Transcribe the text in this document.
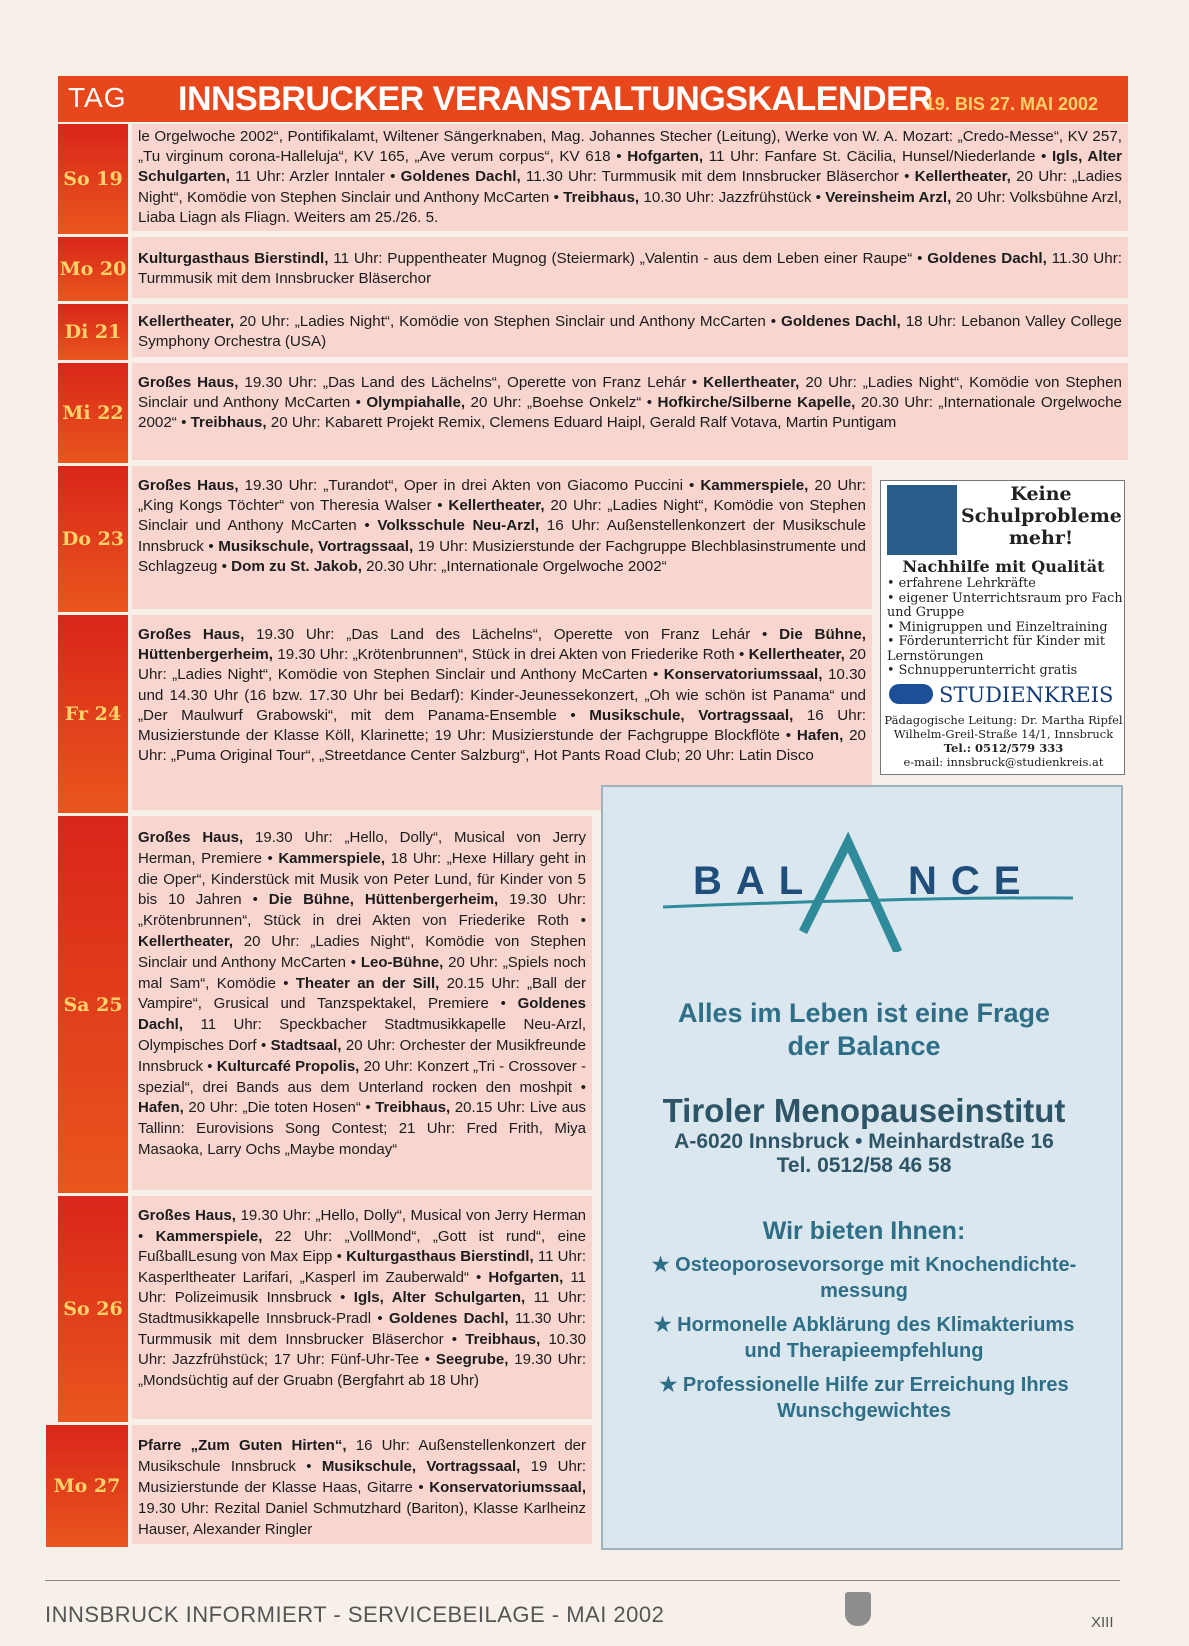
TAG INNSBRUCKER VERANSTALTUNGSKALENDER
19. BIS 27. MAI 2002
So 19
Mo 20
Di 21
Mi 22
Do 23
Fr 24
Sa 25
So 26
Mo 27
le Orgelwoche 2002“, Pontifikalamt, Wiltener Sängerknaben, Mag. Johannes Stecher (Leitung), Werke von W. A. Mozart: „Credo-Messe“, KV 257, „Tu virginum corona-Halleluja“, KV 165, „Ave verum corpus“, KV 618 • Hofgarten, 11 Uhr: Fanfare St. Cäcilia, Hunsel/Niederlande • Igls, Alter Schulgarten, 11 Uhr: Arzler Inntaler • Goldenes Dachl, 11.30 Uhr: Turmmusik mit dem Innsbrucker Bläserchor • Kellertheater, 20 Uhr: „Ladies Night“, Komödie von Stephen Sinclair und Anthony McCarten • Treibhaus, 10.30 Uhr: Jazzfrühstück • Vereinsheim Arzl, 20 Uhr: Volksbühne Arzl, Liaba Liagn als Fliagn. Weiters am 25./26. 5.
Kulturgasthaus Bierstindl, 11 Uhr: Puppentheater Mugnog (Steiermark) „Valentin - aus dem Leben einer Raupe“ • Goldenes Dachl, 11.30 Uhr: Turmmusik mit dem Innsbrucker Bläserchor
Kellertheater, 20 Uhr: „Ladies Night“, Komödie von Stephen Sinclair und Anthony McCarten • Goldenes Dachl, 18 Uhr: Lebanon Valley College Symphony Orchestra (USA)
Großes Haus, 19.30 Uhr: „Das Land des Lächelns“, Operette von Franz Lehár • Kellertheater, 20 Uhr: „Ladies Night“, Komödie von Stephen Sinclair und Anthony McCarten • Olympiahalle, 20 Uhr: „Boehse Onkelz“ • Hofkirche/Silberne Kapelle, 20.30 Uhr: „Internationale Orgelwoche 2002“ • Treibhaus, 20 Uhr: Kabarett Projekt Remix, Clemens Eduard Haipl, Gerald Ralf Votava, Martin Puntigam
Großes Haus, 19.30 Uhr: „Turandot“, Oper in drei Akten von Giacomo Puccini • Kammerspiele, 20 Uhr: „King Kongs Töchter“ von Theresia Walser • Kellertheater, 20 Uhr: „Ladies Night“, Komödie von Stephen Sinclair und Anthony McCarten • Volksschule Neu-Arzl, 16 Uhr: Außenstellenkonzert der Musikschule Innsbruck • Musikschule, Vortragssaal, 19 Uhr: Musizierstunde der Fachgruppe Blechblasinstrumente und Schlagzeug • Dom zu St. Jakob, 20.30 Uhr: „Internationale Orgelwoche 2002“
Großes Haus, 19.30 Uhr: „Das Land des Lächelns“, Operette von Franz Lehár • Die Bühne, Hüttenbergerheim, 19.30 Uhr: „Krötenbrunnen“, Stück in drei Akten von Friederike Roth • Kellertheater, 20 Uhr: „Ladies Night“, Komödie von Stephen Sinclair und Anthony McCarten • Konservatoriumssaal, 10.30 und 14.30 Uhr (16 bzw. 17.30 Uhr bei Bedarf): Kinder-Jeunessekonzert, „Oh wie schön ist Panama“ und „Der Maulwurf Grabowski“, mit dem Panama-Ensemble • Musikschule, Vortragssaal, 16 Uhr: Musizierstunde der Klasse Köll, Klarinette; 19 Uhr: Musizierstunde der Fachgruppe Blockflöte • Hafen, 20 Uhr: „Puma Original Tour“, „Streetdance Center Salzburg“, Hot Pants Road Club; 20 Uhr: Latin Disco
Großes Haus, 19.30 Uhr: „Hello, Dolly“, Musical von Jerry Herman, Premiere • Kammerspiele, 18 Uhr: „Hexe Hillary geht in die Oper“, Kinderstück mit Musik von Peter Lund, für Kinder von 5 bis 10 Jahren • Die Bühne, Hüttenbergerheim, 19.30 Uhr: „Krötenbrunnen“, Stück in drei Akten von Friederike Roth • Kellertheater, 20 Uhr: „Ladies Night“, Komödie von Stephen Sinclair und Anthony McCarten • Leo-Bühne, 20 Uhr: „Spiels noch mal Sam“, Komödie • Theater an der Sill, 20.15 Uhr: „Ball der Vampire“, Grusical und Tanzspektakel, Premiere • Goldenes Dachl, 11 Uhr: Speckbacher Stadtmusikkapelle Neu-Arzl, Olympisches Dorf • Stadtsaal, 20 Uhr: Orchester der Musikfreunde Innsbruck • Kulturcafé Propolis, 20 Uhr: Konzert „Tri - Crossover - spezial“, drei Bands aus dem Unterland rocken den moshpit • Hafen, 20 Uhr: „Die toten Hosen“ • Treibhaus, 20.15 Uhr: Live aus Tallinn: Eurovisions Song Contest; 21 Uhr: Fred Frith, Miya Masaoka, Larry Ochs „Maybe monday“
Großes Haus, 19.30 Uhr: „Hello, Dolly“, Musical von Jerry Herman • Kammerspiele, 22 Uhr: „VollMond“, „Gott ist rund“, eine FußballLesung von Max Eipp • Kulturgasthaus Bierstindl, 11 Uhr: Kasperltheater Larifari, „Kasperl im Zauberwald“ • Hofgarten, 11 Uhr: Polizeimusik Innsbruck • Igls, Alter Schulgarten, 11 Uhr: Stadtmusikkapelle Innsbruck-Pradl • Goldenes Dachl, 11.30 Uhr: Turmmusik mit dem Innsbrucker Bläserchor • Treibhaus, 10.30 Uhr: Jazzfrühstück; 17 Uhr: Fünf-Uhr-Tee • Seegrube, 19.30 Uhr: „Mondsüchtig auf der Gruabn (Bergfahrt ab 18 Uhr)
Pfarre „Zum Guten Hirten“, 16 Uhr: Außenstellenkonzert der Musikschule Innsbruck • Musikschule, Vortragssaal, 19 Uhr: Musizierstunde der Klasse Haas, Gitarre • Konservatoriumssaal, 19.30 Uhr: Rezital Daniel Schmutzhard (Bariton), Klasse Karlheinz Hauser, Alexander Ringler
Keine Schulprobleme mehr!
Nachhilfe mit Qualität
• erfahrene Lehrkräfte
• eigener Unterrichtsraum pro Fach und Gruppe
• Minigruppen und Einzeltraining
• Förderunterricht für Kinder mit Lernstörungen
• Schnupperunterricht gratis
STUDIENKREIS
Pädagogische Leitung: Dr. Martha Ripfel
Wilhelm-Greil-Straße 14/1, Innsbruck
Tel.: 0512/579 333
e-mail: innsbruck@studienkreis.at
BAL NCE
Alles im Leben ist eine Frage
der Balance
Tiroler Menopauseinstitut
A-6020 Innsbruck • Meinhardstraße 16
Tel. 0512/58 46 58
Wir bieten Ihnen:
★ Osteoporosevorsorge mit Knochendichte-messung
★ Hormonelle Abklärung des Klimakteriums und Therapieempfehlung
★ Professionelle Hilfe zur Erreichung Ihres Wunschgewichtes
INNSBRUCK INFORMIERT - SERVICEBEILAGE - MAI 2002	XIII
